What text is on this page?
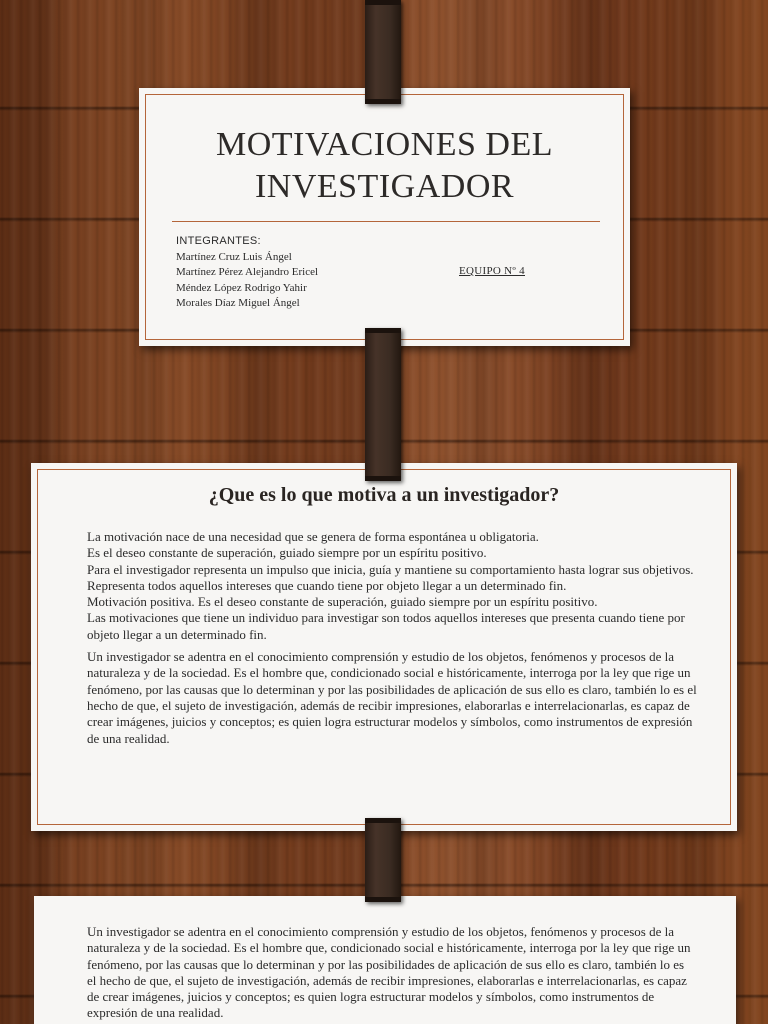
MOTIVACIONES DEL
INVESTIGADOR
INTEGRANTES:
Martínez Cruz Luis Ángel
Martínez Pérez Alejandro Ericel
Méndez López Rodrigo Yahir
Morales Díaz Miguel Ángel
EQUIPO Nº 4
¿Que es lo que motiva a un investigador?

La motivación nace de una necesidad que se genera de forma espontánea u obligatoria.

Es el deseo constante de superación, guiado siempre por un espíritu positivo.

Para el investigador representa un impulso que inicia, guía y mantiene su comportamiento hasta lograr sus objetivos.

Representa todos aquellos intereses que cuando tiene por objeto llegar a un determinado fin.

Motivación positiva. Es el deseo constante de superación, guiado siempre por un espíritu positivo.

Las motivaciones que tiene un individuo para investigar son todos aquellos intereses que presenta cuando tiene por objeto llegar a un determinado fin.

Un investigador se adentra en el conocimiento comprensión y estudio de los objetos, fenómenos y procesos de la naturaleza y de la sociedad. Es el hombre que, condicionado social e históricamente, interroga por la ley que rige un fenómeno, por las causas que lo determinan y por las posibilidades de aplicación de sus ello es claro, también lo es el hecho de que, el sujeto de investigación, además de recibir impresiones, elaborarlas e interrelacionarlas, es capaz de crear imágenes, juicios y conceptos; es quien logra estructurar modelos y símbolos, como instrumentos de expresión de una realidad.

Un investigador se adentra en el conocimiento comprensión y estudio de los objetos, fenómenos y procesos de la naturaleza y de la sociedad. Es el hombre que, condicionado social e históricamente, interroga por la ley que rige un fenómeno, por las causas que lo determinan y por las posibilidades de aplicación de sus ello es claro, también lo es el hecho de que, el sujeto de investigación, además de recibir impresiones, elaborarlas e interrelacionarlas, es capaz de crear imágenes, juicios y conceptos; es quien logra estructurar modelos y símbolos, como instrumentos de expresión de una realidad.
